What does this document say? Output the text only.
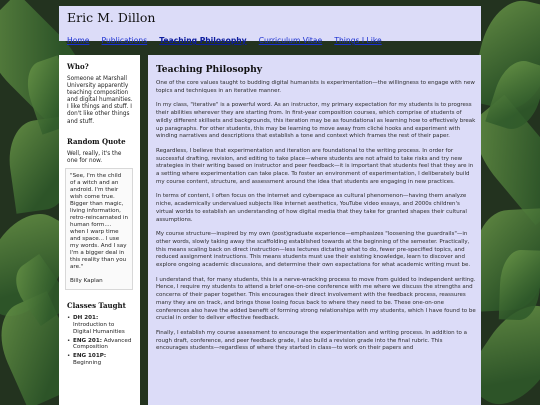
Eric M. Dillon
Home Publications Teaching Philosophy Curriculum Vitae Things I Like
Who?

Someone at Marshall University apparently teaching composition and digital humanities. I like things and stuff. I don't like other things and stuff.

Random Quote

Well, really, it's the one for now.

"See, I'm the child of a witch and an android. I'm their wish come true. Bigger than magic, living information, retro-reincarnated in human form.... when I warp time and space... I use my words. And I say I'm a bigger deal in this reality than you are."

Billy Kaplan

Classes Taught
• DH 201: Introduction to Digital Humanities
• ENG 201: Advanced Composition
• ENG 101P: Beginning
Teaching Philosophy

One of the core values taught to budding digital humanists is experimentation—the willingness to engage with new topics and techniques in an iterative manner.

In my class, "iterative" is a powerful word. As an instructor, my primary expectation for my students is to progress their abilities wherever they are starting from. In first-year composition courses, which comprise of students of wildly different skillsets and backgrounds, this iteration may be as foundational as learning how to effectively break up paragraphs. For other students, this may be learning to move away from cliché hooks and experiment with winding narratives and descriptions that establish a tone and context which frames the rest of their paper.

Regardless, I believe that experimentation and iteration are foundational to the writing process. In order for successful drafting, revision, and editing to take place—where students are not afraid to take risks and try new strategies in their writing based on instructor and peer feedback—it is important that students feel that they are in a setting where experimentation can take place. To foster an environment of experimentation, I deliberately build my course content, structure, and assessment around the idea that students are engaging in new practices.

In terms of content, I often focus on the internet and cyberspace as cultural phenomenon—having them analyze niche, academically undervalued subjects like internet aesthetics, YouTube video essays, and 2000s children's virtual worlds to establish an understanding of how digital media that they take for granted shapes their cultural assumptions.

My course structure—inspired by my own (post)graduate experience—emphasizes "loosening the guardrails"—in other words, slowly taking away the scaffolding established towards at the beginning of the semester. Practically, this means scaling back on direct instruction—less lectures dictating what to do, fewer pre-specified topics, and reduced assignment instructions. This means students must use their existing knowledge, learn to discover and explore ongoing academic discussions, and determine their own expectations for what academic writing must be.

I understand that, for many students, this is a nerve-wracking process to move from guided to independent writing. Hence, I require my students to attend a brief one-on-one conference with me where we discuss the strengths and concerns of their paper together. This encourages their direct involvement with the feedback process, reassures many they are on track, and brings those losing focus back to where they need to be. These one-on-one conferences also have the added benefit of forming strong relationships with my students, which I have found to be crucial in order to deliver effective feedback.

Finally, I establish my course assessment to encourage the experimentation and writing process. In addition to a rough draft, conference, and peer feedback grade, I also build a revision grade into the final rubric. This encourages students—regardless of where they started in class—to work on their papers and
